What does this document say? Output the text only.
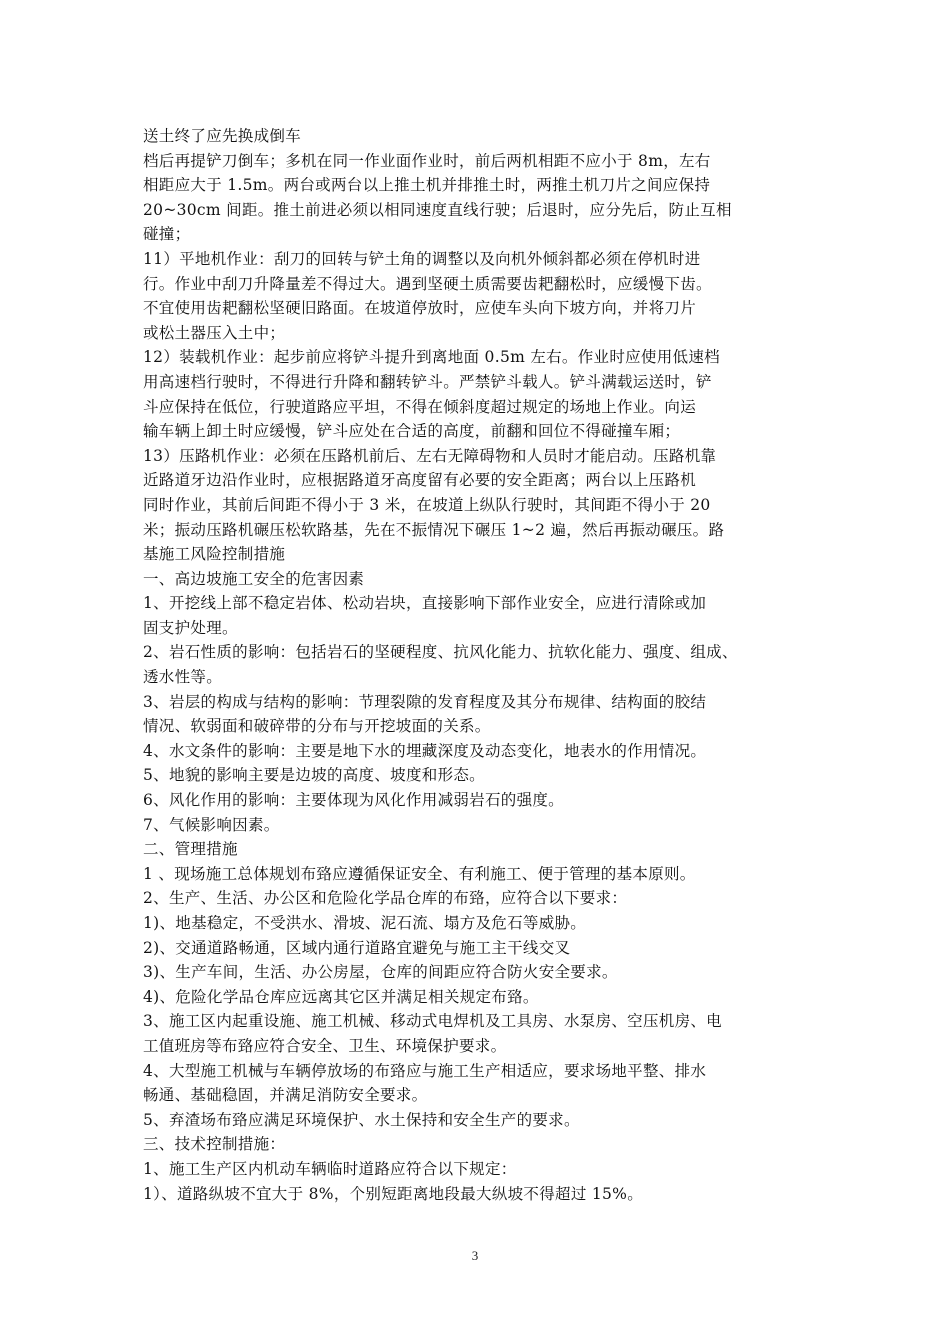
送土终了应先换成倒车
档后再提铲刀倒车；多机在同一作业面作业时，前后两机相距不应小于 8m，左右
相距应大于 1.5m。两台或两台以上推土机并排推土时，两推土机刀片之间应保持
20~30cm 间距。推土前进必须以相同速度直线行驶；后退时，应分先后，防止互相
碰撞；
11）平地机作业：刮刀的回转与铲土角的调整以及向机外倾斜都必须在停机时进
行。作业中刮刀升降量差不得过大。遇到坚硬土质需要齿耙翻松时，应缓慢下齿。
不宜使用齿耙翻松坚硬旧路面。在坡道停放时，应使车头向下坡方向，并将刀片
或松土器压入土中；
12）装载机作业：起步前应将铲斗提升到离地面 0.5m 左右。作业时应使用低速档
用高速档行驶时，不得进行升降和翻转铲斗。严禁铲斗载人。铲斗满载运送时，铲
斗应保持在低位，行驶道路应平坦，不得在倾斜度超过规定的场地上作业。向运
输车辆上卸土时应缓慢，铲斗应处在合适的高度，前翻和回位不得碰撞车厢；
13）压路机作业：必须在压路机前后、左右无障碍物和人员时才能启动。压路机靠
近路道牙边沿作业时，应根据路道牙高度留有必要的安全距离；两台以上压路机
同时作业，其前后间距不得小于 3 米，在坡道上纵队行驶时，其间距不得小于 20
米；振动压路机碾压松软路基，先在不振情况下碾压 1~2 遍，然后再振动碾压。路
基施工风险控制措施
一、高边坡施工安全的危害因素
1、开挖线上部不稳定岩体、松动岩块，直接影响下部作业安全，应进行清除或加
固支护处理。
2、岩石性质的影响：包括岩石的坚硬程度、抗风化能力、抗软化能力、强度、组成、
透水性等。
3、岩层的构成与结构的影响：节理裂隙的发育程度及其分布规律、结构面的胶结
情况、软弱面和破碎带的分布与开挖坡面的关系。
4、水文条件的影响：主要是地下水的埋藏深度及动态变化，地表水的作用情况。
5、地貌的影响主要是边坡的高度、坡度和形态。
6、风化作用的影响：主要体现为风化作用减弱岩石的强度。
7、气候影响因素。
二、管理措施
1 、现场施工总体规划布臵应遵循保证安全、有利施工、便于管理的基本原则。
2、生产、生活、办公区和危险化学品仓库的布臵，应符合以下要求：
1)、地基稳定，不受洪水、滑坡、泥石流、塌方及危石等威胁。
2)、交通道路畅通，区域内通行道路宜避免与施工主干线交叉
3)、生产车间，生活、办公房屋，仓库的间距应符合防火安全要求。
4)、危险化学品仓库应远离其它区并满足相关规定布臵。
3、施工区内起重设施、施工机械、移动式电焊机及工具房、水泵房、空压机房、电
工值班房等布臵应符合安全、卫生、环境保护要求。
4、大型施工机械与车辆停放场的布臵应与施工生产相适应，要求场地平整、排水
畅通、基础稳固，并满足消防安全要求。
5、弃渣场布臵应满足环境保护、水土保持和安全生产的要求。
三、技术控制措施：
1、施工生产区内机动车辆临时道路应符合以下规定：
1）、道路纵坡不宜大于 8%，个别短距离地段最大纵坡不得超过 15%。
3
